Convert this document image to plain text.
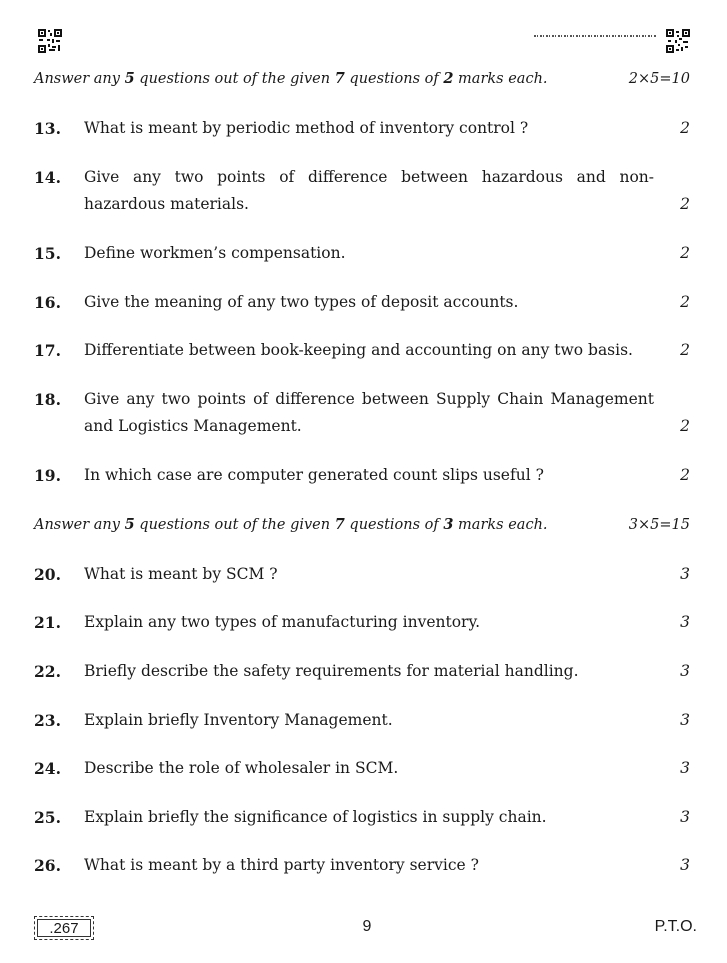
Answer any 5 questions out of the given 7 questions of 2 marks each.	2×5=10
13. What is meant by periodic method of inventory control ?	2
14. Give any two points of difference between hazardous and non-hazardous materials.	2
15. Define workmen’s compensation.	2
16. Give the meaning of any two types of deposit accounts.	2
17. Differentiate between book-keeping and accounting on any two basis.	2
18. Give any two points of difference between Supply Chain Management and Logistics Management.	2
19. In which case are computer generated count slips useful ?	2
Answer any 5 questions out of the given 7 questions of 3 marks each.	3×5=15
20. What is meant by SCM ?	3
21. Explain any two types of manufacturing inventory.	3
22. Briefly describe the safety requirements for material handling.	3
23. Explain briefly Inventory Management.	3
24. Describe the role of wholesaler in SCM.	3
25. Explain briefly the significance of logistics in supply chain.	3
26. What is meant by a third party inventory service ?	3
.267	9	P.T.O.
